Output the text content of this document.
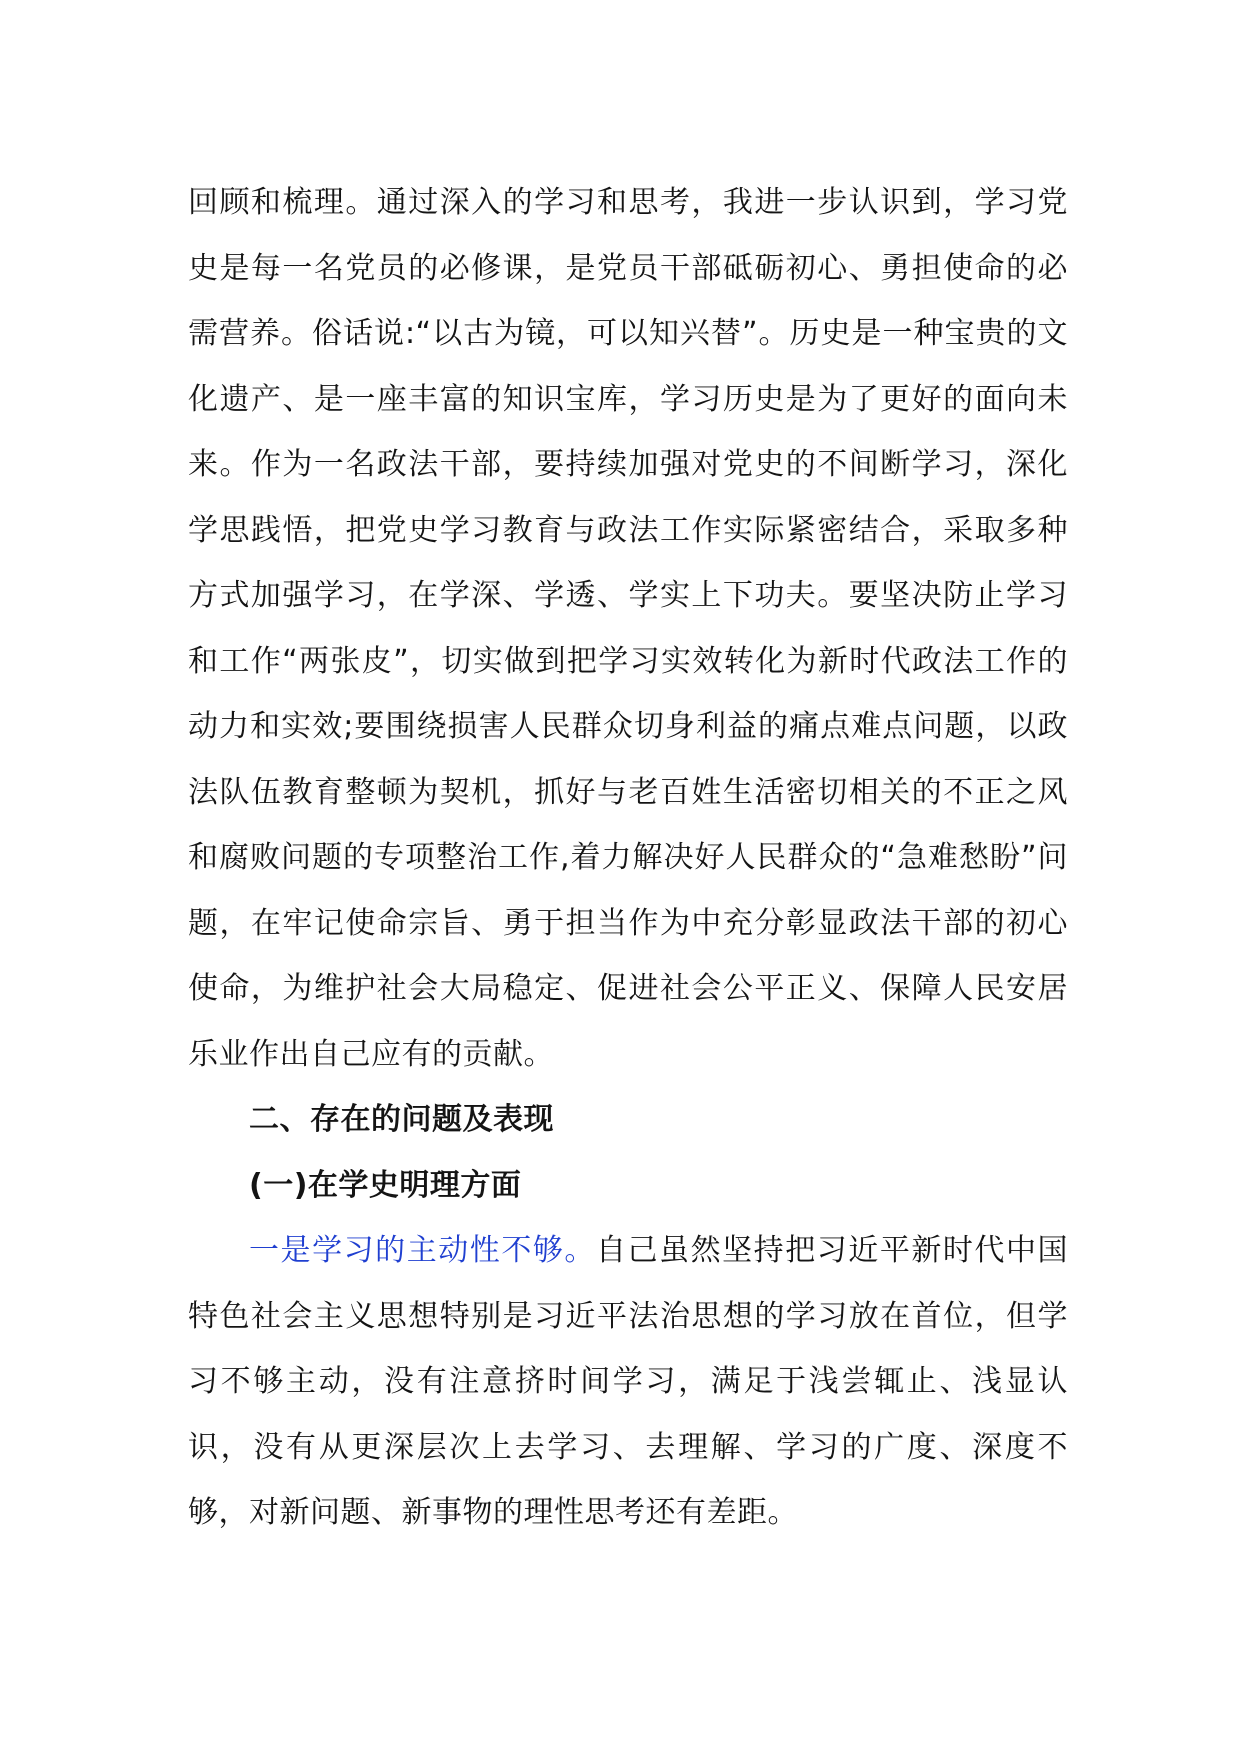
回顾和梳理。通过深入的学习和思考，我进一步认识到，学习党史是每一名党员的必修课，是党员干部砥砺初心、勇担使命的必需营养。俗话说:“以古为镜，可以知兴替”。历史是一种宝贵的文化遗产、是一座丰富的知识宝库，学习历史是为了更好的面向未来。作为一名政法干部，要持续加强对党史的不间断学习，深化学思践悟，把党史学习教育与政法工作实际紧密结合，采取多种方式加强学习，在学深、学透、学实上下功夫。要坚决防止学习和工作“两张皮”，切实做到把学习实效转化为新时代政法工作的动力和实效;要围绕损害人民群众切身利益的痛点难点问题，以政法队伍教育整顿为契机，抓好与老百姓生活密切相关的不正之风和腐败问题的专项整治工作,着力解决好人民群众的“急难愁盼”问题，在牢记使命宗旨、勇于担当作为中充分彰显政法干部的初心使命，为维护社会大局稳定、促进社会公平正义、保障人民安居乐业作出自己应有的贡献。

二、存在的问题及表现

(一)在学史明理方面

一是学习的主动性不够。自己虽然坚持把习近平新时代中国特色社会主义思想特别是习近平法治思想的学习放在首位，但学习不够主动，没有注意挤时间学习，满足于浅尝辄止、浅显认识，没有从更深层次上去学习、去理解、学习的广度、深度不够，对新问题、新事物的理性思考还有差距。
